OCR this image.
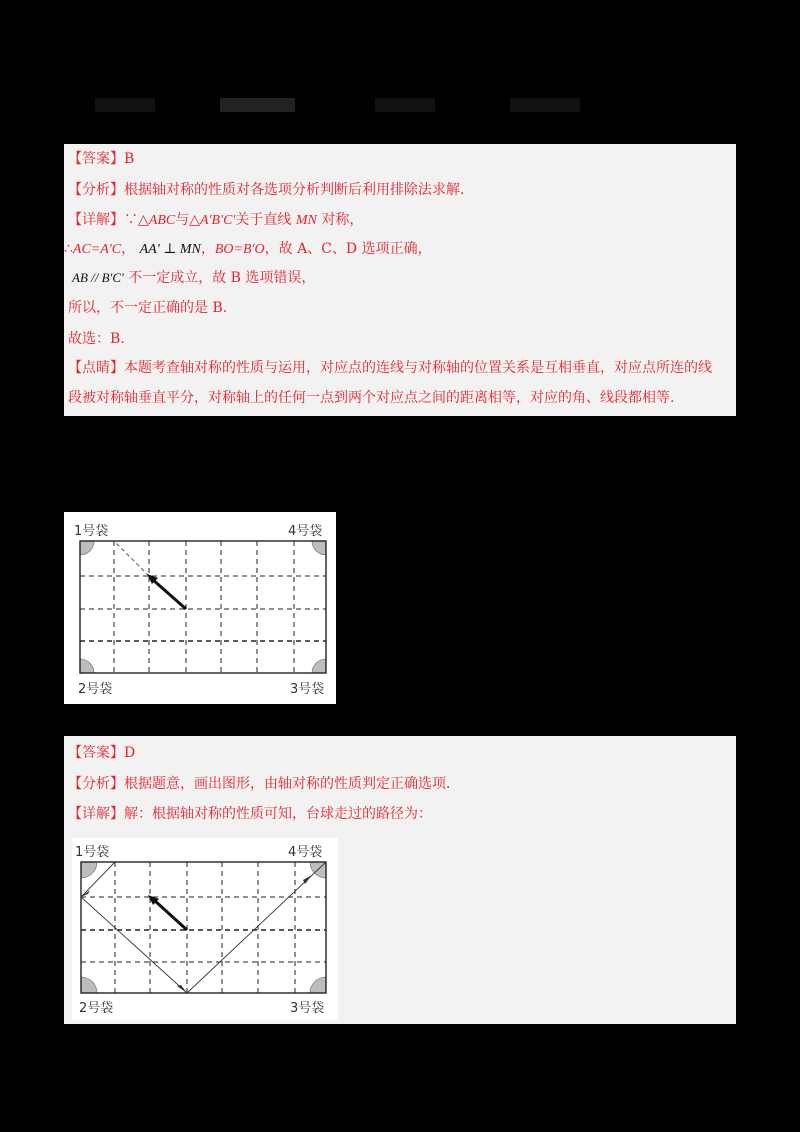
【答案】B
【分析】根据轴对称的性质对各选项分析判断后利用排除法求解.
【详解】∵△ABC与△A'B'C'关于直线 MN 对称，
∴AC=A'C， AA' ⊥ MN，BO=B'O，故 A、C、D 选项正确，
AB // B'C' 不一定成立，故 B 选项错误，
所以，不一定正确的是 B.
故选：B.
【点睛】本题考查轴对称的性质与运用，对应点的连线与对称轴的位置关系是互相垂直，对应点所连的线
段被对称轴垂直平分，对称轴上的任何一点到两个对应点之间的距离相等，对应的角、线段都相等.
1号袋	4号袋
2号袋	3号袋
【答案】D
【分析】根据题意，画出图形，由轴对称的性质判定正确选项.
【详解】解：根据轴对称的性质可知，台球走过的路径为：
1号袋	4号袋
2号袋	3号袋
